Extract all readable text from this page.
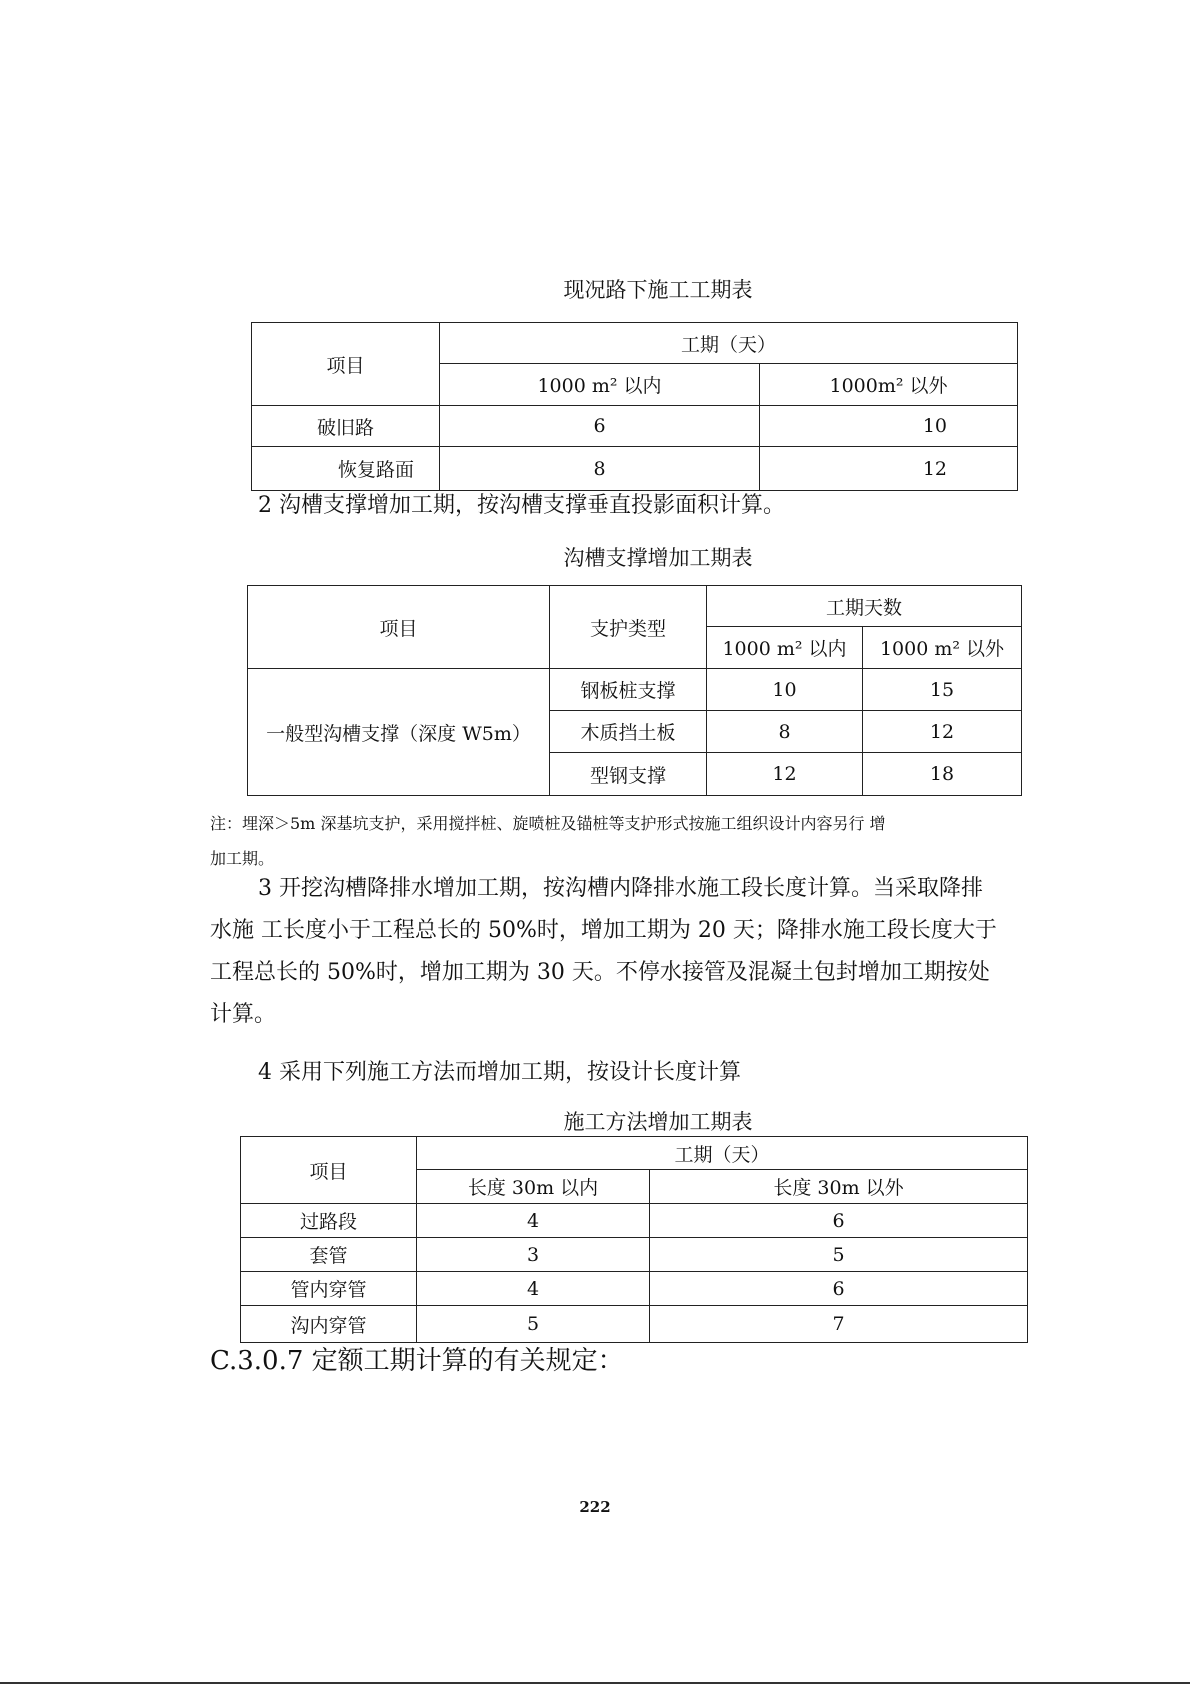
现况路下施工工期表
项目	工期（天）	
	1000 m² 以内	1000m² 以外
破旧路	6	10
恢复路面	8	12
2 沟槽支撑增加工期，按沟槽支撑垂直投影面积计算。
沟槽支撑增加工期表
项目	支护类型	工期天数	
		1000 m² 以内	1000 m² 以外
一般型沟槽支撑（深度 W5m）	钢板桩支撑	10	15
	木质挡土板	8	12
	型钢支撑	12	18
注：埋深＞5m 深基坑支护，采用搅拌桩、旋喷桩及锚桩等支护形式按施工组织设计内容另行 增
加工期。
3 开挖沟槽降排水增加工期，按沟槽内降排水施工段长度计算。当采取降排
水施 工长度小于工程总长的 50%时，增加工期为 20 天；降排水施工段长度大于
工程总长的 50%时，增加工期为 30 天。不停水接管及混凝土包封增加工期按处
计算。
4 采用下列施工方法而增加工期，按设计长度计算
施工方法增加工期表
项目	工期（天）	
	长度 30m 以内	长度 30m 以外
过路段	4	6
套管	3	5
管内穿管	4	6
沟内穿管	5	7
C.3.0.7 定额工期计算的有关规定：
222
